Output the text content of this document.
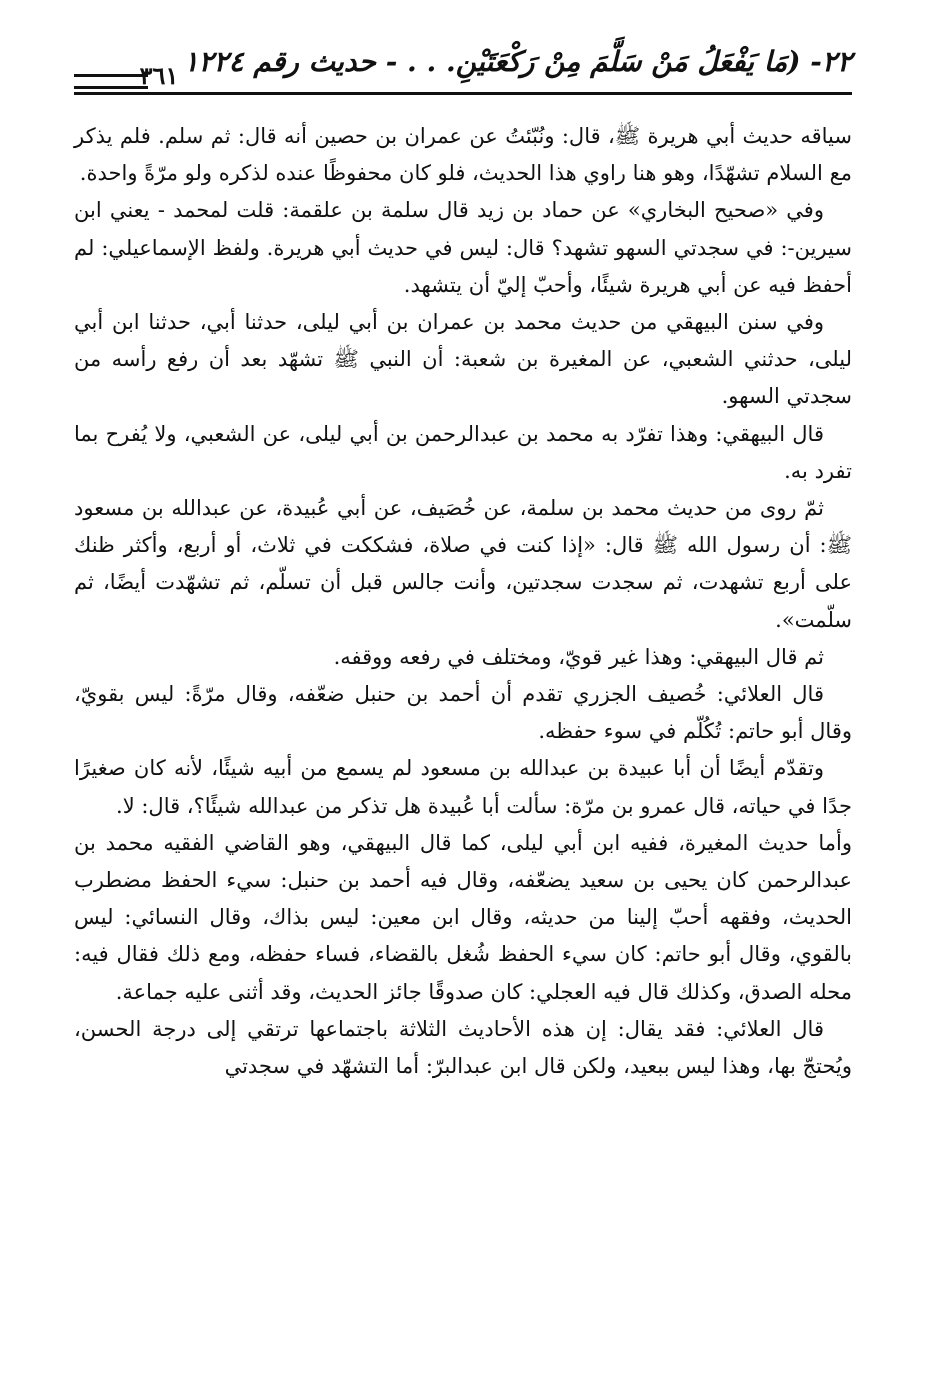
٢٢- (مَا يَفْعَلُ مَنْ سَلَّمَ مِنْ رَكْعَتَيْنِ. . . - حديث رقم ١٢٢٤
٣٦١

سياقه حديث أبي هريرة ﷺ، قال: ونُبّئتُ عن عمران بن حصين أنه قال: ثم سلم. فلم يذكر مع السلام تشهّدًا، وهو هنا راوي هذا الحديث، فلو كان محفوظًا عنده لذكره ولو مرّةً واحدة.

وفي «صحيح البخاري» عن حماد بن زيد قال سلمة بن علقمة: قلت لمحمد - يعني ابن سيرين-: في سجدتي السهو تشهد؟ قال: ليس في حديث أبي هريرة. ولفظ الإسماعيلي: لم أحفظ فيه عن أبي هريرة شيئًا، وأحبّ إليّ أن يتشهد.

وفي سنن البيهقي من حديث محمد بن عمران بن أبي ليلى، حدثنا أبي، حدثنا ابن أبي ليلى، حدثني الشعبي، عن المغيرة بن شعبة: أن النبي ﷺ تشهّد بعد أن رفع رأسه من سجدتي السهو.

قال البيهقي: وهذا تفرّد به محمد بن عبدالرحمن بن أبي ليلى، عن الشعبي، ولا يُفرح بما تفرد به.

ثمّ روى من حديث محمد بن سلمة، عن خُصَيف، عن أبي عُبيدة، عن عبدالله بن مسعود ﷺ: أن رسول الله ﷺ قال: «إذا كنت في صلاة، فشككت في ثلاث، أو أربع، وأكثر ظنك على أربع تشهدت، ثم سجدت سجدتين، وأنت جالس قبل أن تسلّم، ثم تشهّدت أيضًا، ثم سلّمت».

ثم قال البيهقي: وهذا غير قويّ، ومختلف في رفعه ووقفه.

قال العلائي: خُصيف الجزري تقدم أن أحمد بن حنبل ضعّفه، وقال مرّةً: ليس بقويّ، وقال أبو حاتم: تُكُلّم في سوء حفظه.

وتقدّم أيضًا أن أبا عبيدة بن عبدالله بن مسعود لم يسمع من أبيه شيئًا، لأنه كان صغيرًا جدًا في حياته، قال عمرو بن مرّة: سألت أبا عُبيدة هل تذكر من عبدالله شيئًا؟، قال: لا.

وأما حديث المغيرة، ففيه ابن أبي ليلى، كما قال البيهقي، وهو القاضي الفقيه محمد بن عبدالرحمن كان يحيى بن سعيد يضعّفه، وقال فيه أحمد بن حنبل: سيء الحفظ مضطرب الحديث، وفقهه أحبّ إلينا من حديثه، وقال ابن معين: ليس بذاك، وقال النسائي: ليس بالقوي، وقال أبو حاتم: كان سيء الحفظ شُغل بالقضاء، فساء حفظه، ومع ذلك فقال فيه: محله الصدق، وكذلك قال فيه العجلي: كان صدوقًا جائز الحديث، وقد أثنى عليه جماعة.

قال العلائي: فقد يقال: إن هذه الأحاديث الثلاثة باجتماعها ترتقي إلى درجة الحسن، ويُحتجّ بها، وهذا ليس ببعيد، ولكن قال ابن عبدالبرّ: أما التشهّد في سجدتي
